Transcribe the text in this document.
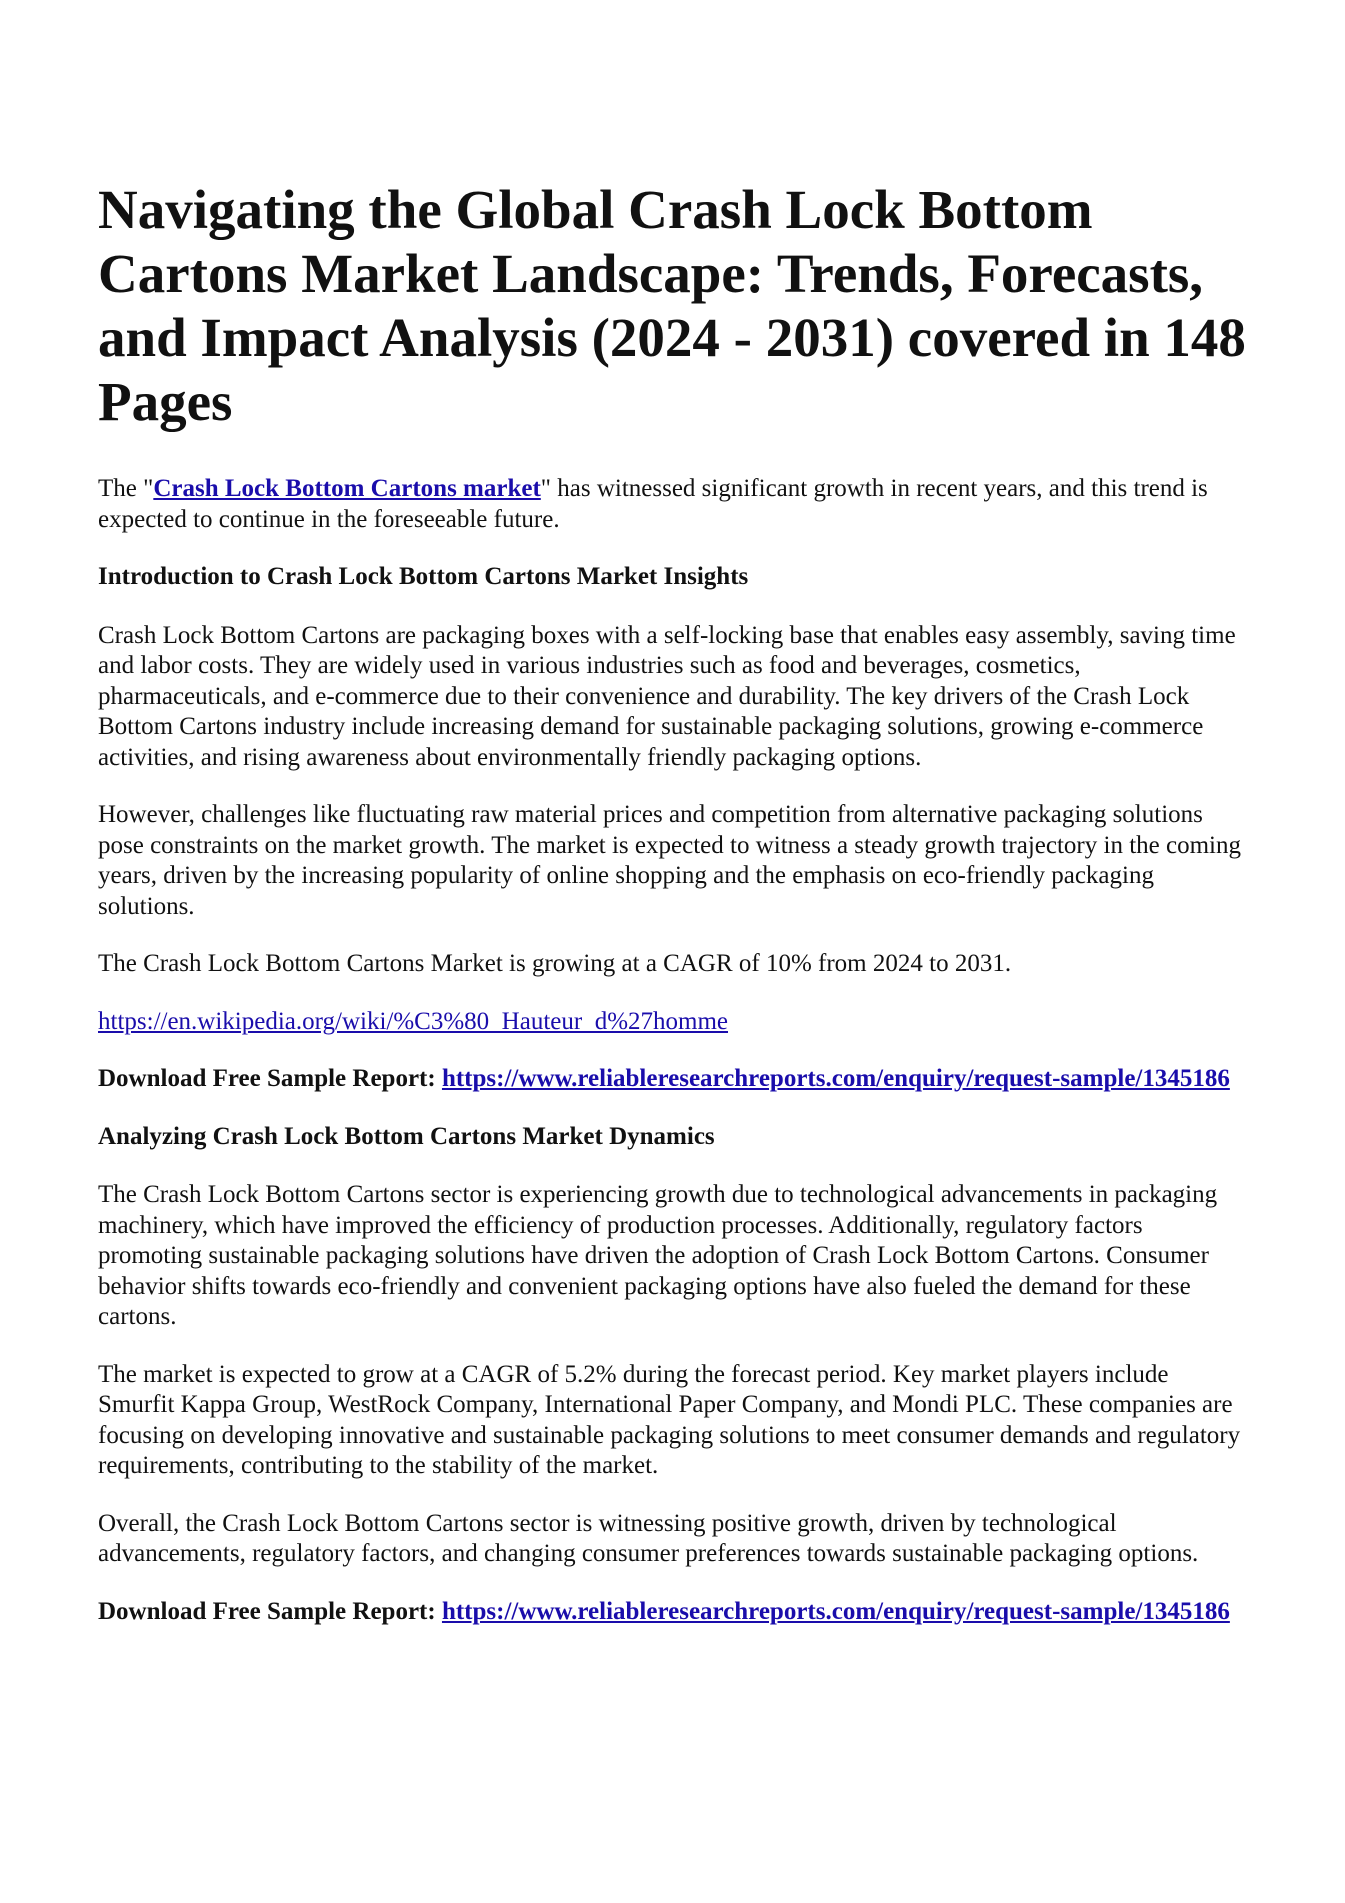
Navigating the Global Crash Lock Bottom Cartons Market Landscape: Trends, Forecasts, and Impact Analysis (2024 - 2031) covered in 148 Pages

The "Crash Lock Bottom Cartons market" has witnessed significant growth in recent years, and this trend is expected to continue in the foreseeable future.

Introduction to Crash Lock Bottom Cartons Market Insights

Crash Lock Bottom Cartons are packaging boxes with a self-locking base that enables easy assembly, saving time and labor costs. They are widely used in various industries such as food and beverages, cosmetics, pharmaceuticals, and e-commerce due to their convenience and durability. The key drivers of the Crash Lock Bottom Cartons industry include increasing demand for sustainable packaging solutions, growing e-commerce activities, and rising awareness about environmentally friendly packaging options.

However, challenges like fluctuating raw material prices and competition from alternative packaging solutions pose constraints on the market growth. The market is expected to witness a steady growth trajectory in the coming years, driven by the increasing popularity of online shopping and the emphasis on eco-friendly packaging solutions.

The Crash Lock Bottom Cartons Market is growing at a CAGR of 10% from 2024 to 2031.

https://en.wikipedia.org/wiki/%C3%80_Hauteur_d%27homme

Download Free Sample Report: https://www.reliableresearchreports.com/enquiry/request-sample/1345186

Analyzing Crash Lock Bottom Cartons Market Dynamics

The Crash Lock Bottom Cartons sector is experiencing growth due to technological advancements in packaging machinery, which have improved the efficiency of production processes. Additionally, regulatory factors promoting sustainable packaging solutions have driven the adoption of Crash Lock Bottom Cartons. Consumer behavior shifts towards eco-friendly and convenient packaging options have also fueled the demand for these cartons.

The market is expected to grow at a CAGR of 5.2% during the forecast period. Key market players include Smurfit Kappa Group, WestRock Company, International Paper Company, and Mondi PLC. These companies are focusing on developing innovative and sustainable packaging solutions to meet consumer demands and regulatory requirements, contributing to the stability of the market.

Overall, the Crash Lock Bottom Cartons sector is witnessing positive growth, driven by technological advancements, regulatory factors, and changing consumer preferences towards sustainable packaging options.

Download Free Sample Report: https://www.reliableresearchreports.com/enquiry/request-sample/1345186
